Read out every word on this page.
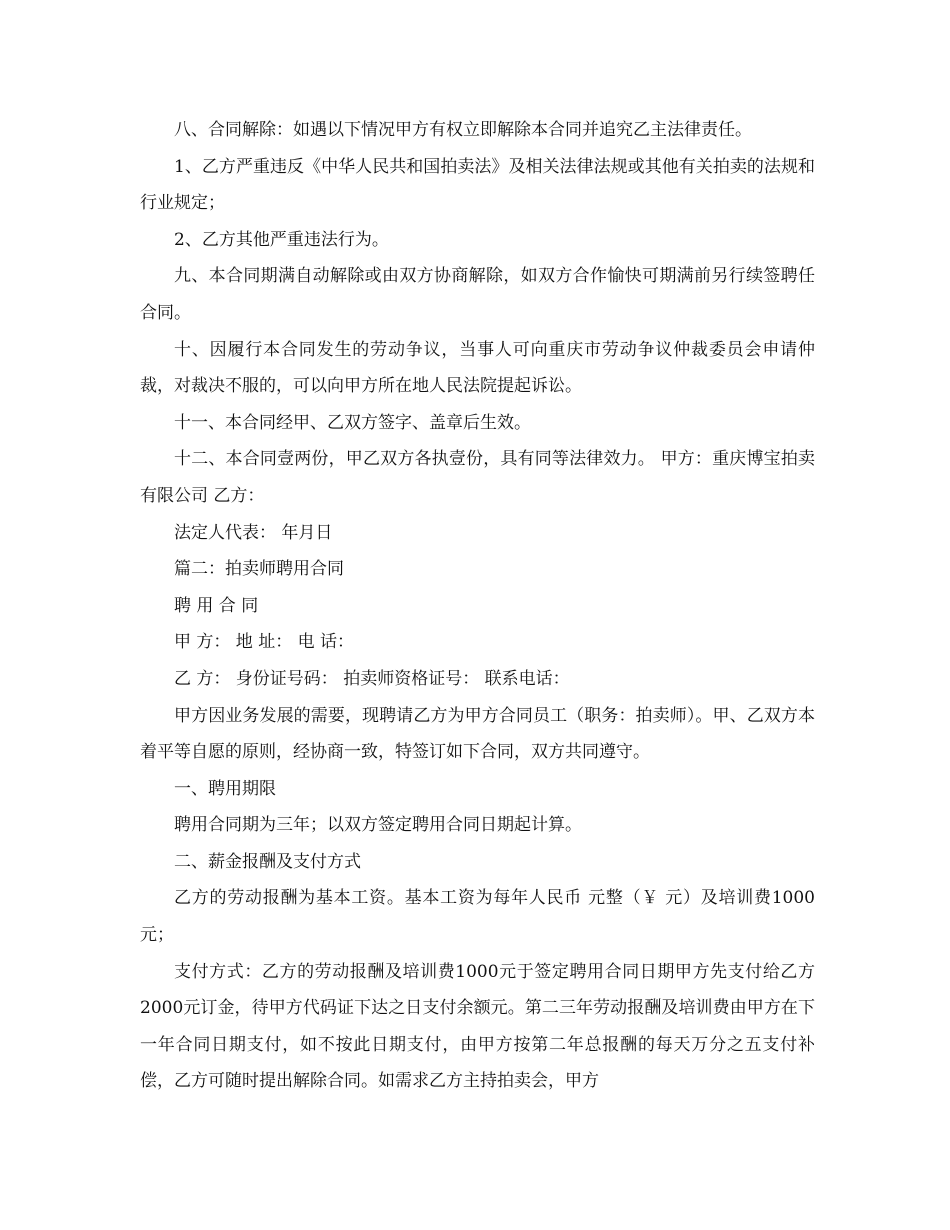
八、合同解除：如遇以下情况甲方有权立即解除本合同并追究乙主法律责任。

1、乙方严重违反《中华人民共和国拍卖法》及相关法律法规或其他有关拍卖的法规和行业规定；

2、乙方其他严重违法行为。

九、本合同期满自动解除或由双方协商解除，如双方合作愉快可期满前另行续签聘任合同。

十、因履行本合同发生的劳动争议，当事人可向重庆市劳动争议仲裁委员会申请仲裁，对裁决不服的，可以向甲方所在地人民法院提起诉讼。

十一、本合同经甲、乙双方签字、盖章后生效。

十二、本合同壹两份，甲乙双方各执壹份，具有同等法律效力。 甲方：重庆博宝拍卖有限公司 乙方：

法定人代表： 年月日

篇二：拍卖师聘用合同

聘 用 合 同

甲 方： 地 址： 电 话：

乙 方： 身份证号码： 拍卖师资格证号： 联系电话：

甲方因业务发展的需要，现聘请乙方为甲方合同员工（职务：拍卖师）。甲、乙双方本着平等自愿的原则，经协商一致，特签订如下合同，双方共同遵守。

一、聘用期限

聘用合同期为三年；以双方签定聘用合同日期起计算。

二、薪金报酬及支付方式

乙方的劳动报酬为基本工资。基本工资为每年人民币 元整（￥ 元）及培训费1000元；

支付方式：乙方的劳动报酬及培训费1000元于签定聘用合同日期甲方先支付给乙方2000元订金，待甲方代码证下达之日支付余额元。第二三年劳动报酬及培训费由甲方在下一年合同日期支付，如不按此日期支付，由甲方按第二年总报酬的每天万分之五支付补偿，乙方可随时提出解除合同。如需求乙方主持拍卖会，甲方
